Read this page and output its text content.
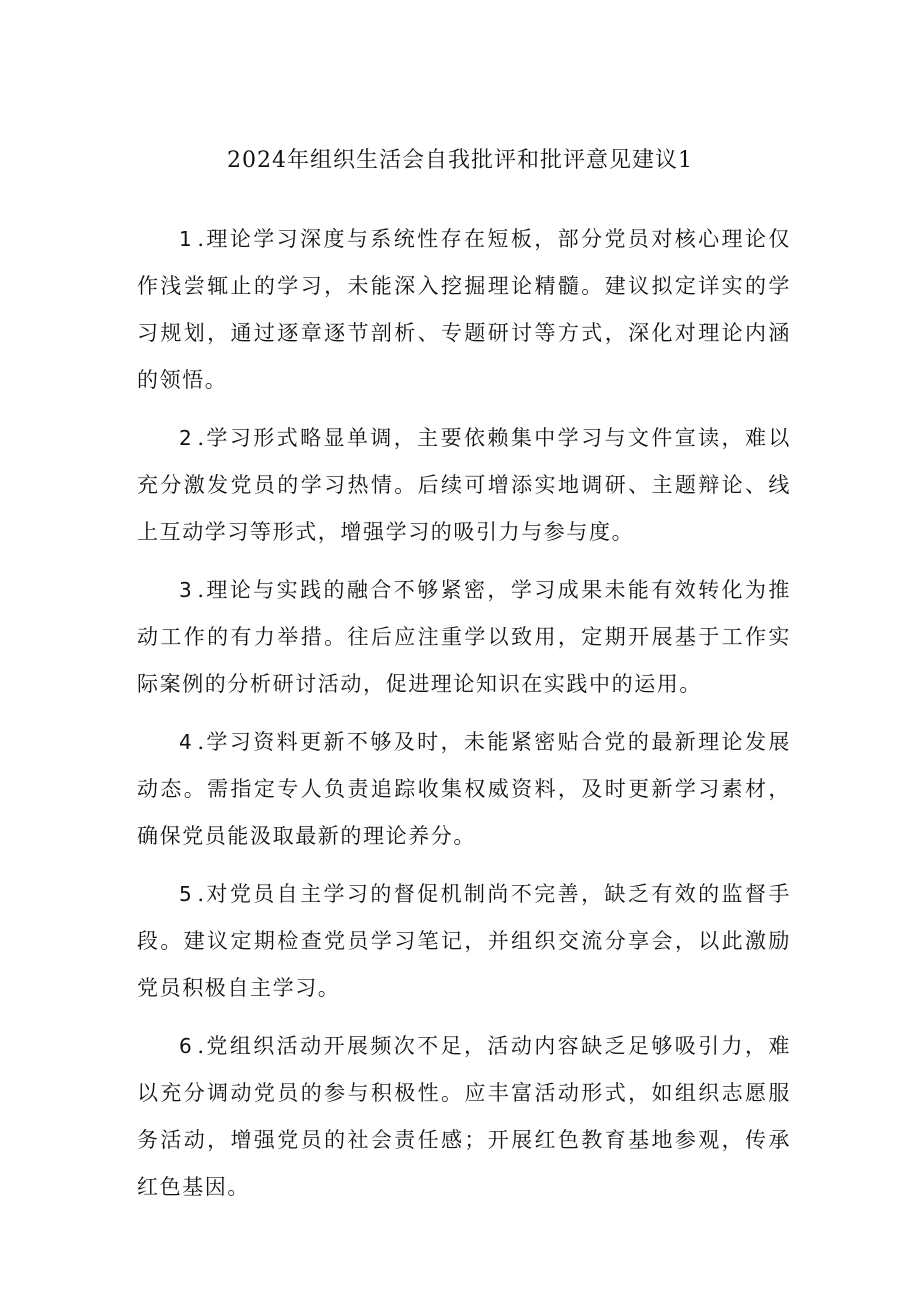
2024年组织生活会自我批评和批评意见建议1

1 .理论学习深度与系统性存在短板，部分党员对核心理论仅作浅尝辄止的学习，未能深入挖掘理论精髓。建议拟定详实的学习规划，通过逐章逐节剖析、专题研讨等方式，深化对理论内涵的领悟。

2 .学习形式略显单调，主要依赖集中学习与文件宣读，难以充分激发党员的学习热情。后续可增添实地调研、主题辩论、线上互动学习等形式，增强学习的吸引力与参与度。

3 .理论与实践的融合不够紧密，学习成果未能有效转化为推动工作的有力举措。往后应注重学以致用，定期开展基于工作实际案例的分析研讨活动，促进理论知识在实践中的运用。

4 .学习资料更新不够及时，未能紧密贴合党的最新理论发展动态。需指定专人负责追踪收集权威资料，及时更新学习素材，确保党员能汲取最新的理论养分。

5 .对党员自主学习的督促机制尚不完善，缺乏有效的监督手段。建议定期检查党员学习笔记，并组织交流分享会，以此激励党员积极自主学习。

6 .党组织活动开展频次不足，活动内容缺乏足够吸引力，难以充分调动党员的参与积极性。应丰富活动形式，如组织志愿服务活动，增强党员的社会责任感；开展红色教育基地参观，传承红色基因。
